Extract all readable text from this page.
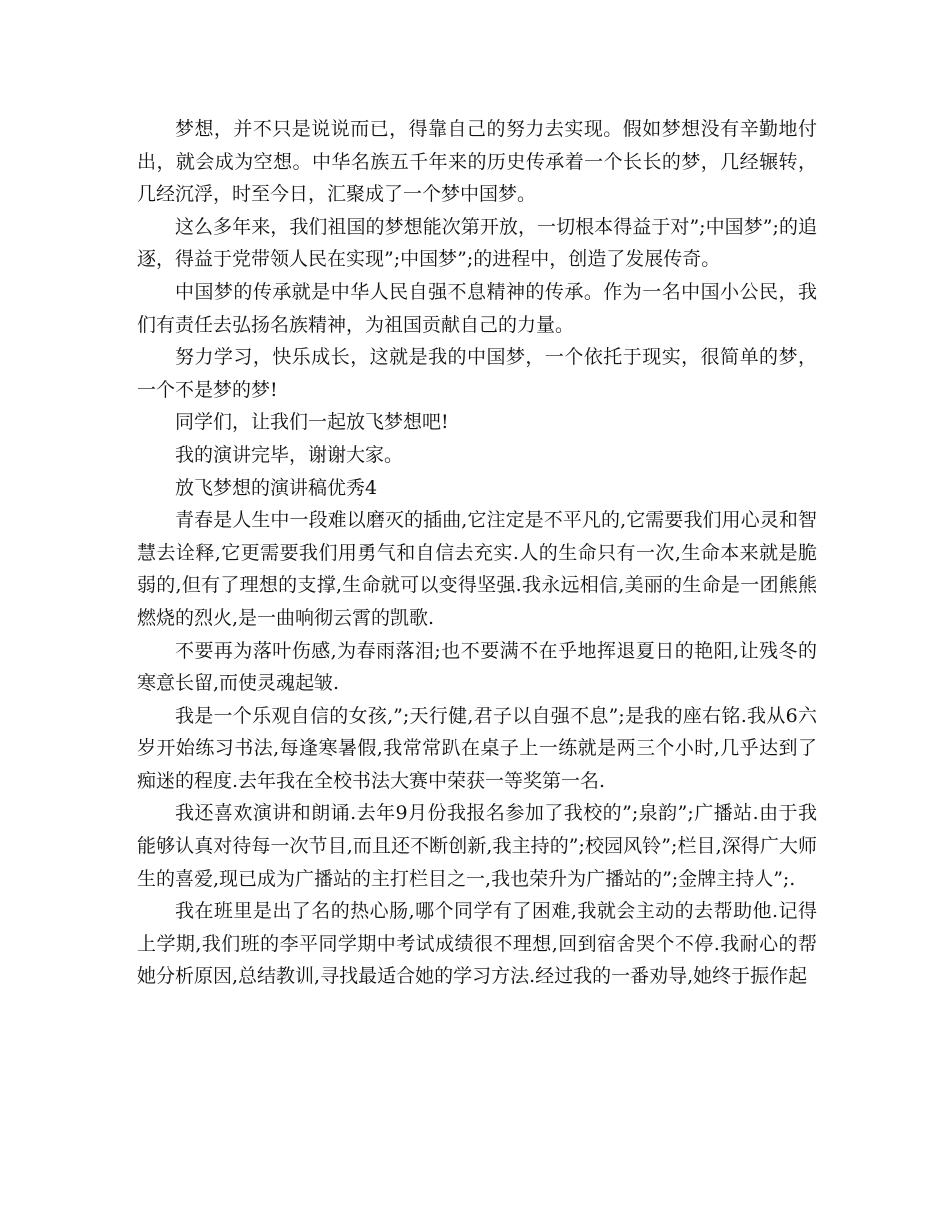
梦想，并不只是说说而已，得靠自己的努力去实现。假如梦想没有辛勤地付出，就会成为空想。中华名族五千年来的历史传承着一个长长的梦，几经辗转，几经沉浮，时至今日，汇聚成了一个梦中国梦。

这么多年来，我们祖国的梦想能次第开放，一切根本得益于对”;中国梦”;的追逐，得益于党带领人民在实现”;中国梦”;的进程中，创造了发展传奇。

中国梦的传承就是中华人民自强不息精神的传承。作为一名中国小公民，我们有责任去弘扬名族精神，为祖国贡献自己的力量。

努力学习，快乐成长，这就是我的中国梦，一个依托于现实，很简单的梦，一个不是梦的梦!

同学们，让我们一起放飞梦想吧!

我的演讲完毕，谢谢大家。

放飞梦想的演讲稿优秀4

青春是人生中一段难以磨灭的插曲,它注定是不平凡的,它需要我们用心灵和智慧去诠释,它更需要我们用勇气和自信去充实.人的生命只有一次,生命本来就是脆弱的,但有了理想的支撑,生命就可以变得坚强.我永远相信,美丽的生命是一团熊熊燃烧的烈火,是一曲响彻云霄的凯歌.

不要再为落叶伤感,为春雨落泪;也不要满不在乎地挥退夏日的艳阳,让残冬的寒意长留,而使灵魂起皱.

我是一个乐观自信的女孩,”;天行健,君子以自强不息”;是我的座右铭.我从6六岁开始练习书法,每逢寒暑假,我常常趴在桌子上一练就是两三个小时,几乎达到了痴迷的程度.去年我在全校书法大赛中荣获一等奖第一名.

我还喜欢演讲和朗诵.去年9月份我报名参加了我校的”;泉韵”;广播站.由于我能够认真对待每一次节目,而且还不断创新,我主持的”;校园风铃”;栏目,深得广大师生的喜爱,现已成为广播站的主打栏目之一,我也荣升为广播站的”;金牌主持人”;.

我在班里是出了名的热心肠,哪个同学有了困难,我就会主动的去帮助他.记得上学期,我们班的李平同学期中考试成绩很不理想,回到宿舍哭个不停.我耐心的帮她分析原因,总结教训,寻找最适合她的学习方法.经过我的一番劝导,她终于振作起
